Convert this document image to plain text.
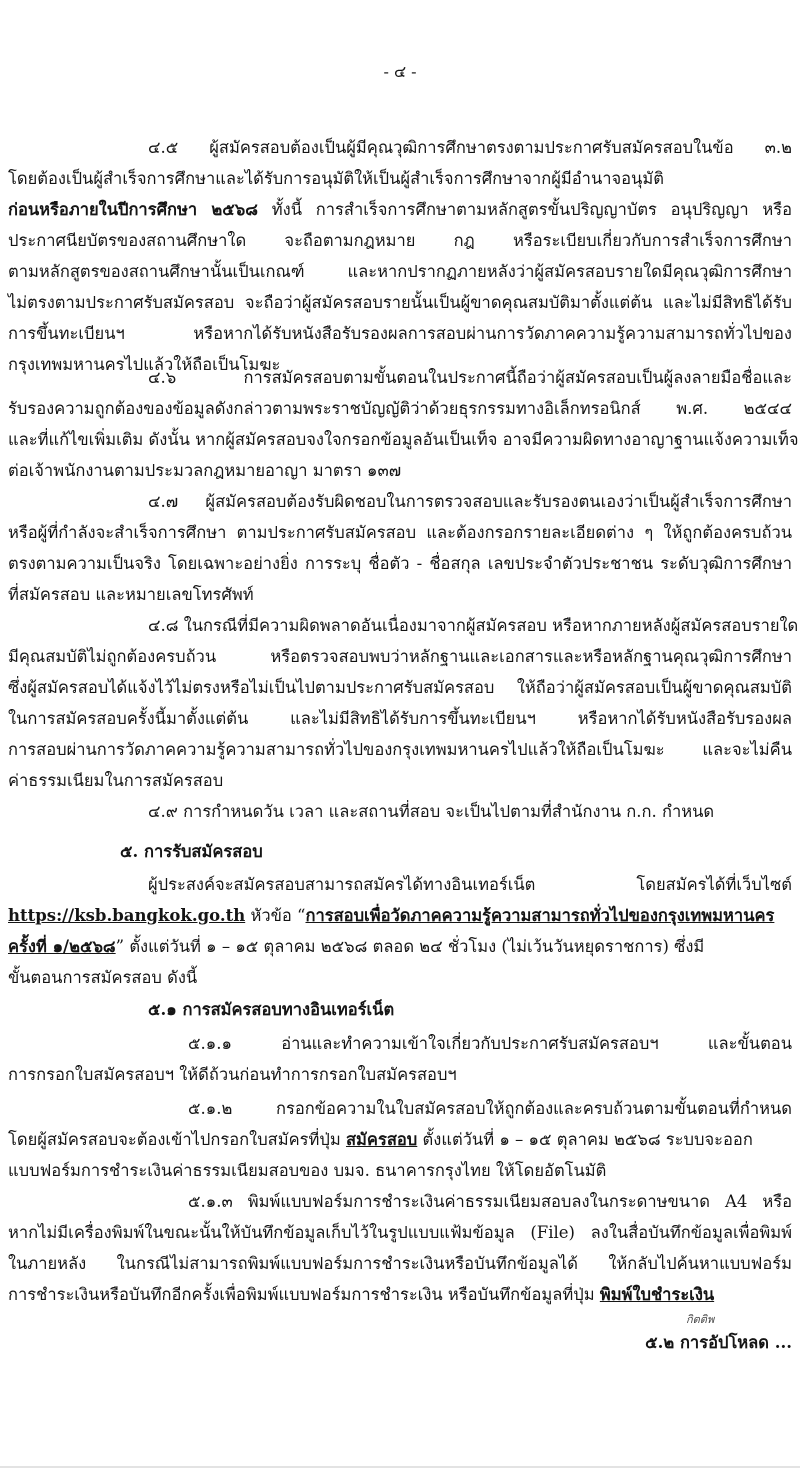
- ๔ -
๔.๕ ผู้สมัครสอบต้องเป็นผู้มีคุณวุฒิการศึกษาตรงตามประกาศรับสมัครสอบในข้อ ๓.๒
โดยต้องเป็นผู้สำเร็จการศึกษาและได้รับการอนุมัติให้เป็นผู้สำเร็จการศึกษาจากผู้มีอำนาจอนุมัติ
ก่อนหรือภายในปีการศึกษา ๒๕๖๘ ทั้งนี้ การสำเร็จการศึกษาตามหลักสูตรขั้นปริญญาบัตร อนุปริญญา หรือ
ประกาศนียบัตรของสถานศึกษาใด จะถือตามกฎหมาย กฎ หรือระเบียบเกี่ยวกับการสำเร็จการศึกษา
ตามหลักสูตรของสถานศึกษานั้นเป็นเกณฑ์ และหากปรากฏภายหลังว่าผู้สมัครสอบรายใดมีคุณวุฒิการศึกษา
ไม่ตรงตามประกาศรับสมัครสอบ จะถือว่าผู้สมัครสอบรายนั้นเป็นผู้ขาดคุณสมบัติมาตั้งแต่ต้น และไม่มีสิทธิได้รับ
การขึ้นทะเบียนฯ หรือหากได้รับหนังสือรับรองผลการสอบผ่านการวัดภาคความรู้ความสามารถทั่วไปของ
กรุงเทพมหานครไปแล้วให้ถือเป็นโมฆะ
๔.๖ การสมัครสอบตามขั้นตอนในประกาศนี้ถือว่าผู้สมัครสอบเป็นผู้ลงลายมือชื่อและ
รับรองความถูกต้องของข้อมูลดังกล่าวตามพระราชบัญญัติว่าด้วยธุรกรรมทางอิเล็กทรอนิกส์ พ.ศ. ๒๕๔๔
และที่แก้ไขเพิ่มเติม ดังนั้น หากผู้สมัครสอบจงใจกรอกข้อมูลอันเป็นเท็จ อาจมีความผิดทางอาญาฐานแจ้งความเท็จ
ต่อเจ้าพนักงานตามประมวลกฎหมายอาญา มาตรา ๑๓๗
๔.๗ ผู้สมัครสอบต้องรับผิดชอบในการตรวจสอบและรับรองตนเองว่าเป็นผู้สำเร็จการศึกษา
หรือผู้ที่กำลังจะสำเร็จการศึกษา ตามประกาศรับสมัครสอบ และต้องกรอกรายละเอียดต่าง ๆ ให้ถูกต้องครบถ้วน
ตรงตามความเป็นจริง โดยเฉพาะอย่างยิ่ง การระบุ ชื่อตัว - ชื่อสกุล เลขประจำตัวประชาชน ระดับวุฒิการศึกษา
ที่สมัครสอบ และหมายเลขโทรศัพท์
๔.๘ ในกรณีที่มีความผิดพลาดอันเนื่องมาจากผู้สมัครสอบ หรือหากภายหลังผู้สมัครสอบรายใด
มีคุณสมบัติไม่ถูกต้องครบถ้วน หรือตรวจสอบพบว่าหลักฐานและเอกสารและหรือหลักฐานคุณวุฒิการศึกษา
ซึ่งผู้สมัครสอบได้แจ้งไว้ไม่ตรงหรือไม่เป็นไปตามประกาศรับสมัครสอบ ให้ถือว่าผู้สมัครสอบเป็นผู้ขาดคุณสมบัติ
ในการสมัครสอบครั้งนี้มาตั้งแต่ต้น และไม่มีสิทธิได้รับการขึ้นทะเบียนฯ หรือหากได้รับหนังสือรับรองผล
การสอบผ่านการวัดภาคความรู้ความสามารถทั่วไปของกรุงเทพมหานครไปแล้วให้ถือเป็นโมฆะ และจะไม่คืน
ค่าธรรมเนียมในการสมัครสอบ
๔.๙ การกำหนดวัน เวลา และสถานที่สอบ จะเป็นไปตามที่สำนักงาน ก.ก. กำหนด
๕. การรับสมัครสอบ
ผู้ประสงค์จะสมัครสอบสามารถสมัครได้ทางอินเทอร์เน็ต โดยสมัครได้ที่เว็บไซต์
https://ksb.bangkok.go.th หัวข้อ “การสอบเพื่อวัดภาคความรู้ความสามารถทั่วไปของกรุงเทพมหานคร
ครั้งที่ ๑/๒๕๖๘” ตั้งแต่วันที่ ๑ – ๑๕ ตุลาคม ๒๕๖๘ ตลอด ๒๔ ชั่วโมง (ไม่เว้นวันหยุดราชการ) ซึ่งมี
ขั้นตอนการสมัครสอบ ดังนี้
๕.๑ การสมัครสอบทางอินเทอร์เน็ต
๕.๑.๑ อ่านและทำความเข้าใจเกี่ยวกับประกาศรับสมัครสอบฯ และขั้นตอน
การกรอกใบสมัครสอบฯ ให้ดีถ้วนก่อนทำการกรอกใบสมัครสอบฯ
๕.๑.๒ กรอกข้อความในใบสมัครสอบให้ถูกต้องและครบถ้วนตามขั้นตอนที่กำหนด
โดยผู้สมัครสอบจะต้องเข้าไปกรอกใบสมัครที่ปุ่ม สมัครสอบ ตั้งแต่วันที่ ๑ – ๑๕ ตุลาคม ๒๕๖๘ ระบบจะออก
แบบฟอร์มการชำระเงินค่าธรรมเนียมสอบของ บมจ. ธนาคารกรุงไทย ให้โดยอัตโนมัติ
๕.๑.๓ พิมพ์แบบฟอร์มการชำระเงินค่าธรรมเนียมสอบลงในกระดาษขนาด A4 หรือ
หากไม่มีเครื่องพิมพ์ในขณะนั้นให้บันทึกข้อมูลเก็บไว้ในรูปแบบแฟ้มข้อมูล (File) ลงในสื่อบันทึกข้อมูลเพื่อพิมพ์
ในภายหลัง ในกรณีไม่สามารถพิมพ์แบบฟอร์มการชำระเงินหรือบันทึกข้อมูลได้ ให้กลับไปค้นหาแบบฟอร์ม
การชำระเงินหรือบันทึกอีกครั้งเพื่อพิมพ์แบบฟอร์มการชำระเงิน หรือบันทึกข้อมูลที่ปุ่ม พิมพ์ใบชำระเงิน
กิตติพ
๕.๒ การอัปโหลด ...
